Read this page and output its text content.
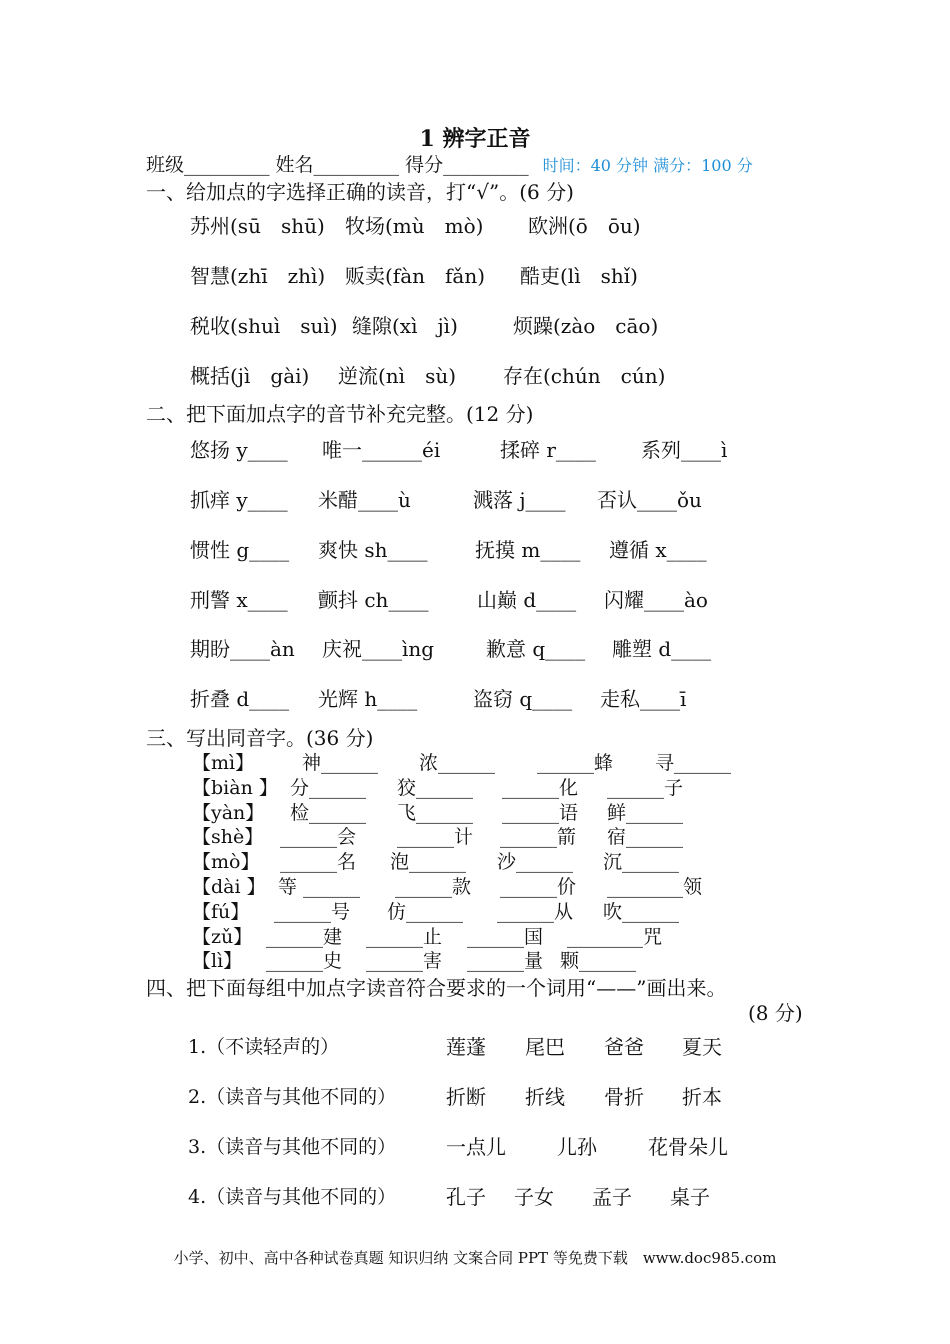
1 辨字正音
班级_________ 姓名_________ 得分_________ 时间：40 分钟 满分：100 分
一、给加点的字选择正确的读音，打“√”。(6 分)
苏州(sū　shū) 牧场(mù　mò) 欧洲(ō　ōu)
智慧(zhī　zhì) 贩卖(fàn　fǎn) 酷吏(lì　shǐ)
税收(shuì　suì) 缝隙(xì　jì)	烦躁(zào　cāo)
概括(jì　gài) 逆流(nì　sù) 存在(chún　cún)
二、把下面加点字的音节补充完整。(12 分)
悠扬 y____ 唯一______éi	揉碎 r____ 系列____ì
抓痒 y____ 米醋____ù	溅落 j____ 否认____ǒu
惯性 g____ 爽快 sh____ 抚摸 m____ 遵循 x____
刑警 x____ 颤抖 ch____ 山巅 d____ 闪耀____ào
期盼____àn 庆祝____ìng	歉意 q____ 雕塑 d____
折叠 d____ 光辉 h____	盗窃 q____ 走私____ī
三、写出同音字。(36 分)
【mì】	神______ 浓______ ______蜂 寻______
【biàn 】 分______ 狡______ ______化 ______子
【yàn】 检______ 飞______ ______语 鲜______
【shè】 ______会 ______计 ______箭 宿______
【mò】 ______名 泡______ 沙______ 沉______
【dài 】 等 ______ ______款 ______价 ________领
【fú】 ______号 仿______ ______从 吹______
【zǔ】 ______建 ______止 ______国 ________咒
【lì】 ______史 ______害 ______量 颗______
四、把下面每组中加点字读音符合要求的一个词用“——”画出来。
(8 分)
1.（不读轻声的）	莲蓬 尾巴 爸爸 夏天
2.（读音与其他不同的） 折断 折线 骨折 折本
3.（读音与其他不同的） 一点儿	儿孙	花骨朵儿
4.（读音与其他不同的） 孔子 子女 孟子 桌子
小学、初中、高中各种试卷真题 知识归纳 文案合同 PPT 等免费下载　www.doc985.com
